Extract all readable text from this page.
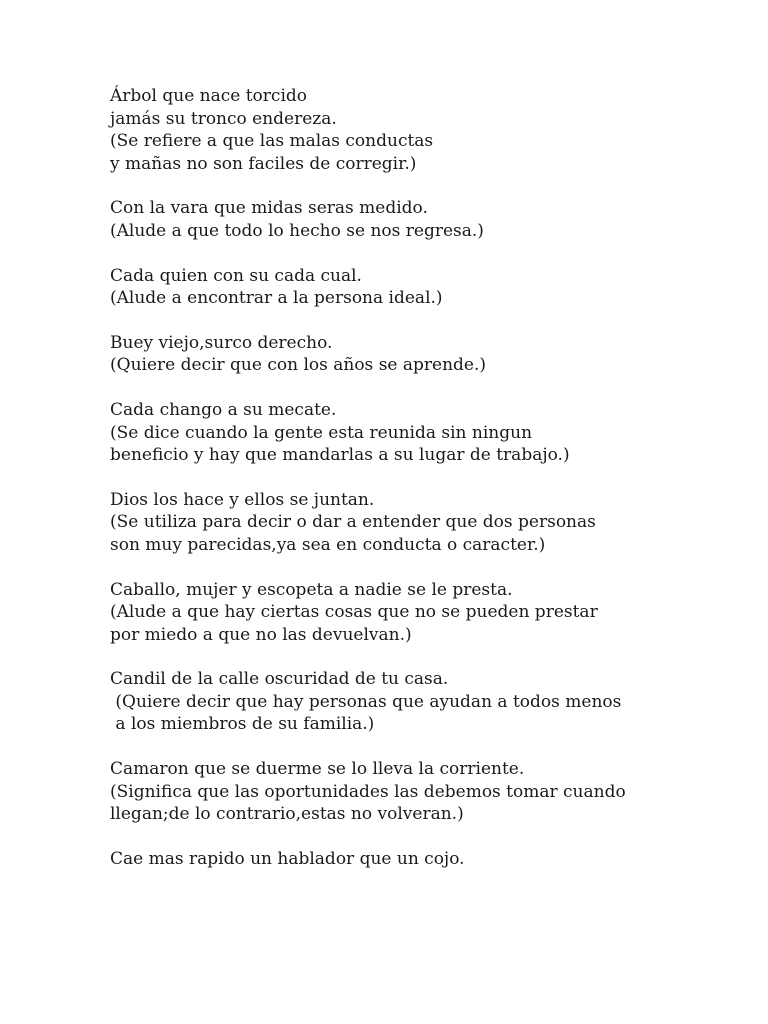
Árbol que nace torcido
jamás su tronco endereza.
(Se refiere a que las malas conductas
y mañas no son faciles de corregir.)
Con la vara que midas seras medido.
(Alude a que todo lo hecho se nos regresa.)
Cada quien con su cada cual.
(Alude a encontrar a la persona ideal.)
Buey viejo,surco derecho.
(Quiere decir que con los años se aprende.)
Cada chango a su mecate.
(Se dice cuando la gente esta reunida sin ningun
beneficio y hay que mandarlas a su lugar de trabajo.)
Dios los hace y ellos se juntan.
(Se utiliza para decir o dar a entender que dos personas
son muy parecidas,ya sea en conducta o caracter.)
Caballo, mujer y escopeta a nadie se le presta.
(Alude a que hay ciertas cosas que no se pueden prestar
por miedo a que no las devuelvan.)
Candil de la calle oscuridad de tu casa.
(Quiere decir que hay personas que ayudan a todos menos
a los miembros de su familia.)
Camaron que se duerme se lo lleva la corriente.
(Significa que las oportunidades las debemos tomar cuando
llegan;de lo contrario,estas no volveran.)
Cae mas rapido un hablador que un cojo.
